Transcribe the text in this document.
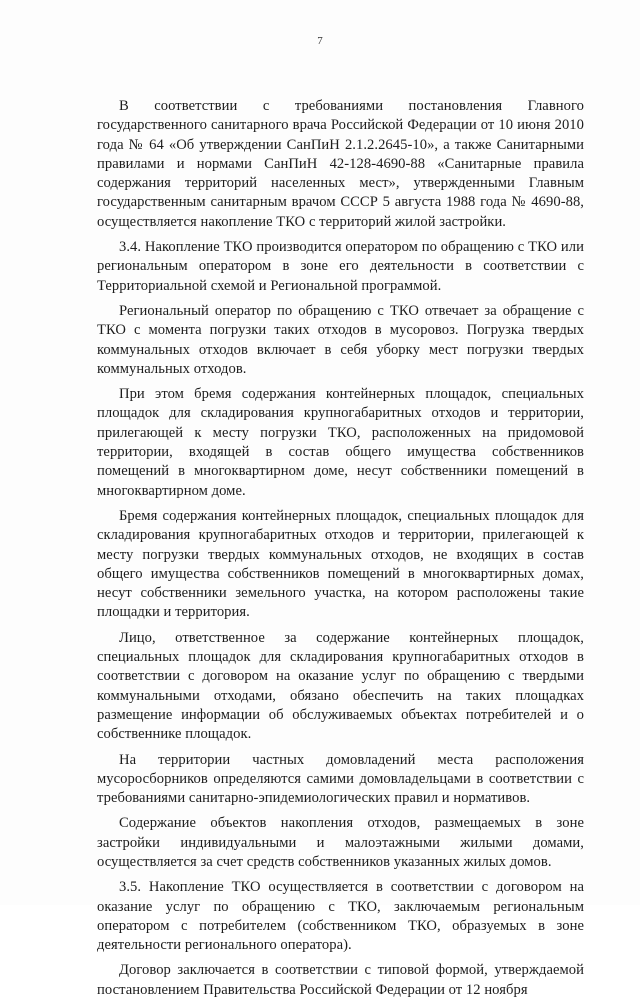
7

В соответствии с требованиями постановления Главного государственного санитарного врача Российской Федерации от 10 июня 2010 года № 64 «Об утверждении СанПиН 2.1.2.2645-10», а также Санитарными правилами и нормами СанПиН 42-128-4690-88 «Санитарные правила содержания территорий населенных мест», утвержденными Главным государственным санитарным врачом СССР 5 августа 1988 года № 4690-88, осуществляется накопление ТКО с территорий жилой застройки.

3.4. Накопление ТКО производится оператором по обращению с ТКО или региональным оператором в зоне его деятельности в соответствии с Территориальной схемой и Региональной программой.

Региональный оператор по обращению с ТКО отвечает за обращение с ТКО с момента погрузки таких отходов в мусоровоз. Погрузка твердых коммунальных отходов включает в себя уборку мест погрузки твердых коммунальных отходов.

При этом бремя содержания контейнерных площадок, специальных площадок для складирования крупногабаритных отходов и территории, прилегающей к месту погрузки ТКО, расположенных на придомовой территории, входящей в состав общего имущества собственников помещений в многоквартирном доме, несут собственники помещений в многоквартирном доме.

Бремя содержания контейнерных площадок, специальных площадок для складирования крупногабаритных отходов и территории, прилегающей к месту погрузки твердых коммунальных отходов, не входящих в состав общего имущества собственников помещений в многоквартирных домах, несут собственники земельного участка, на котором расположены такие площадки и территория.

Лицо, ответственное за содержание контейнерных площадок, специальных площадок для складирования крупногабаритных отходов в соответствии с договором на оказание услуг по обращению с твердыми коммунальными отходами, обязано обеспечить на таких площадках размещение информации об обслуживаемых объектах потребителей и о собственнике площадок.

На территории частных домовладений места расположения мусоросборников определяются самими домовладельцами в соответствии с требованиями санитарно-эпидемиологических правил и нормативов.

Содержание объектов накопления отходов, размещаемых в зоне застройки индивидуальными и малоэтажными жилыми домами, осуществляется за счет средств собственников указанных жилых домов.

3.5. Накопление ТКО осуществляется в соответствии с договором на оказание услуг по обращению с ТКО, заключаемым региональным оператором с потребителем (собственником ТКО, образуемых в зоне деятельности регионального оператора).

Договор заключается в соответствии с типовой формой, утверждаемой постановлением Правительства Российской Федерации от 12 ноября
